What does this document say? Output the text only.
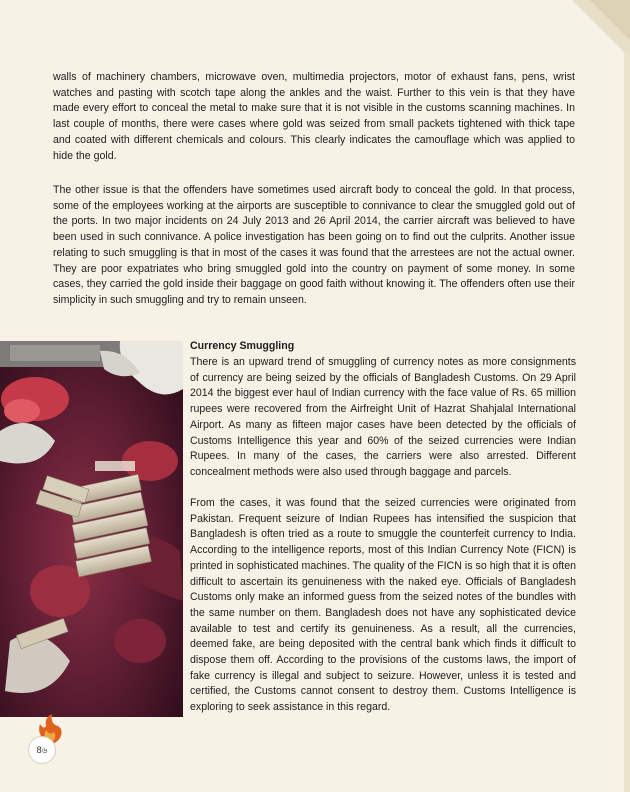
walls of machinery chambers, microwave oven, multimedia projectors, motor of exhaust fans, pens, wrist watches and pasting with scotch tape along the ankles and the waist. Further to this vein is that they have made every effort to conceal the metal to make sure that it is not visible in the customs scanning machines. In last couple of months, there were cases where gold was seized from small packets tightened with thick tape and coated with different chemicals and colours. This clearly indicates the camouflage which was applied to hide the gold.

The other issue is that the offenders have sometimes used aircraft body to conceal the gold. In that process, some of the employees working at the airports are susceptible to connivance to clear the smuggled gold out of the ports. In two major incidents on 24 July 2013 and 26 April 2014, the carrier aircraft was believed to have been used in such connivance. A police investigation has been going on to find out the culprits. Another issue relating to such smuggling is that in most of the cases it was found that the arrestees are not the actual owner. They are poor expatriates who bring smuggled gold into the country on payment of some money. In some cases, they carried the gold inside their baggage on good faith without knowing it. The offenders often use their simplicity in such smuggling and try to remain unseen.

Currency Smuggling

There is an upward trend of smuggling of currency notes as more consignments of currency are being seized by the officials of Bangladesh Customs. On 29 April 2014 the biggest ever haul of Indian currency with the face value of Rs. 65 million rupees were recovered from the Airfreight Unit of Hazrat Shahjalal International Airport. As many as fifteen major cases have been detected by the officials of Customs Intelligence this year and 60% of the seized currencies were Indian Rupees. In many of the cases, the carriers were also arrested. Different concealment methods were also used through baggage and parcels.

From the cases, it was found that the seized currencies were originated from Pakistan. Frequent seizure of Indian Rupees has intensified the suspicion that Bangladesh is often tried as a route to smuggle the counterfeit currency to India. According to the intelligence reports, most of this Indian Currency Note (FICN) is printed in sophisticated machines. The quality of the FICN is so high that it is often difficult to ascertain its genuineness with the naked eye. Officials of Bangladesh Customs only make an informed guess from the seized notes of the bundles with the same number on them. Bangladesh does not have any sophisticated device available to test and certify its genuineness. As a result, all the currencies, deemed fake, are being deposited with the central bank which finds it difficult to dispose them off. According to the provisions of the customs laws, the import of fake currency is illegal and subject to seizure. However, unless it is tested and certified, the Customs cannot consent to destroy them. Customs Intelligence is exploring to seek assistance in this regard.

8৬
